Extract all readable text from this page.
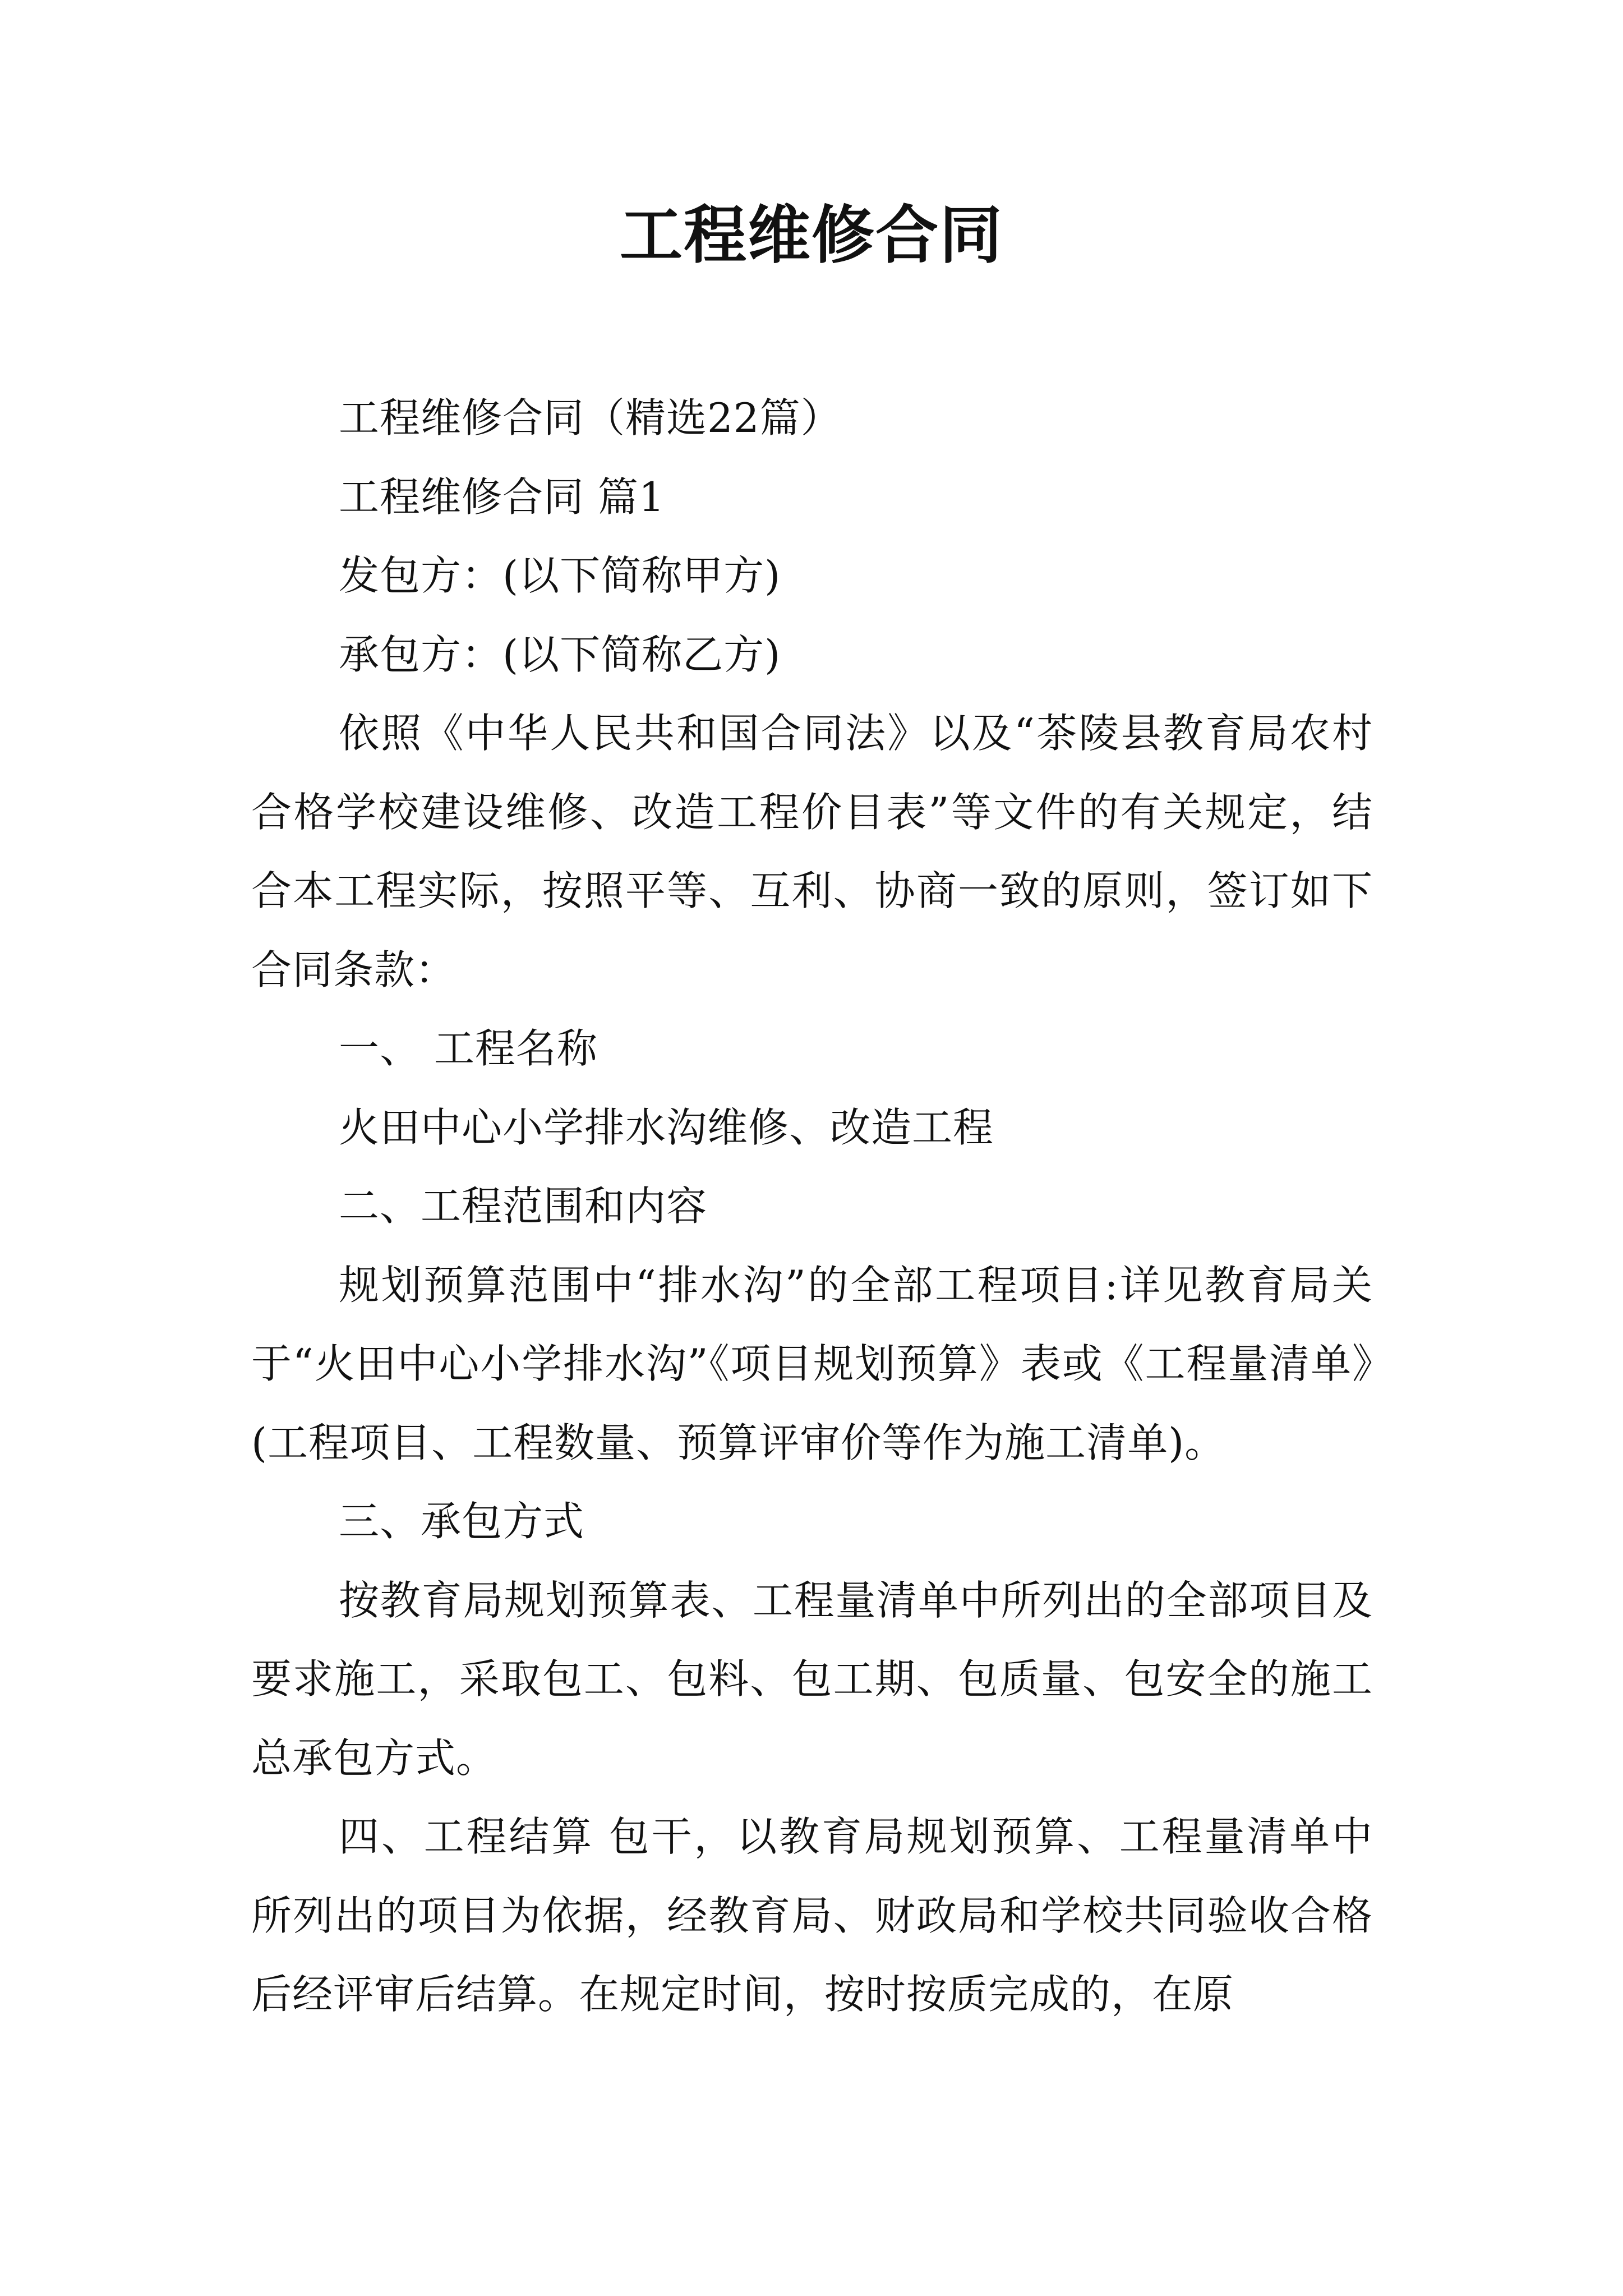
工程维修合同

工程维修合同（精选22篇）

工程维修合同 篇1

发包方：(以下简称甲方)

承包方：(以下简称乙方)

依照《中华人民共和国合同法》以及“茶陵县教育局农村合格学校建设维修、改造工程价目表”等文件的有关规定，结合本工程实际，按照平等、互利、协商一致的原则，签订如下合同条款：

一、 工程名称

火田中心小学排水沟维修、改造工程

二、工程范围和内容

规划预算范围中“排水沟”的全部工程项目:详见教育局关于“火田中心小学排水沟”《项目规划预算》表或《工程量清单》(工程项目、工程数量、预算评审价等作为施工清单)。

三、承包方式

按教育局规划预算表、工程量清单中所列出的全部项目及要求施工，采取包工、包料、包工期、包质量、包安全的施工总承包方式。

四、工程结算 包干，以教育局规划预算、工程量清单中所列出的项目为依据，经教育局、财政局和学校共同验收合格后经评审后结算。在规定时间，按时按质完成的，在原
